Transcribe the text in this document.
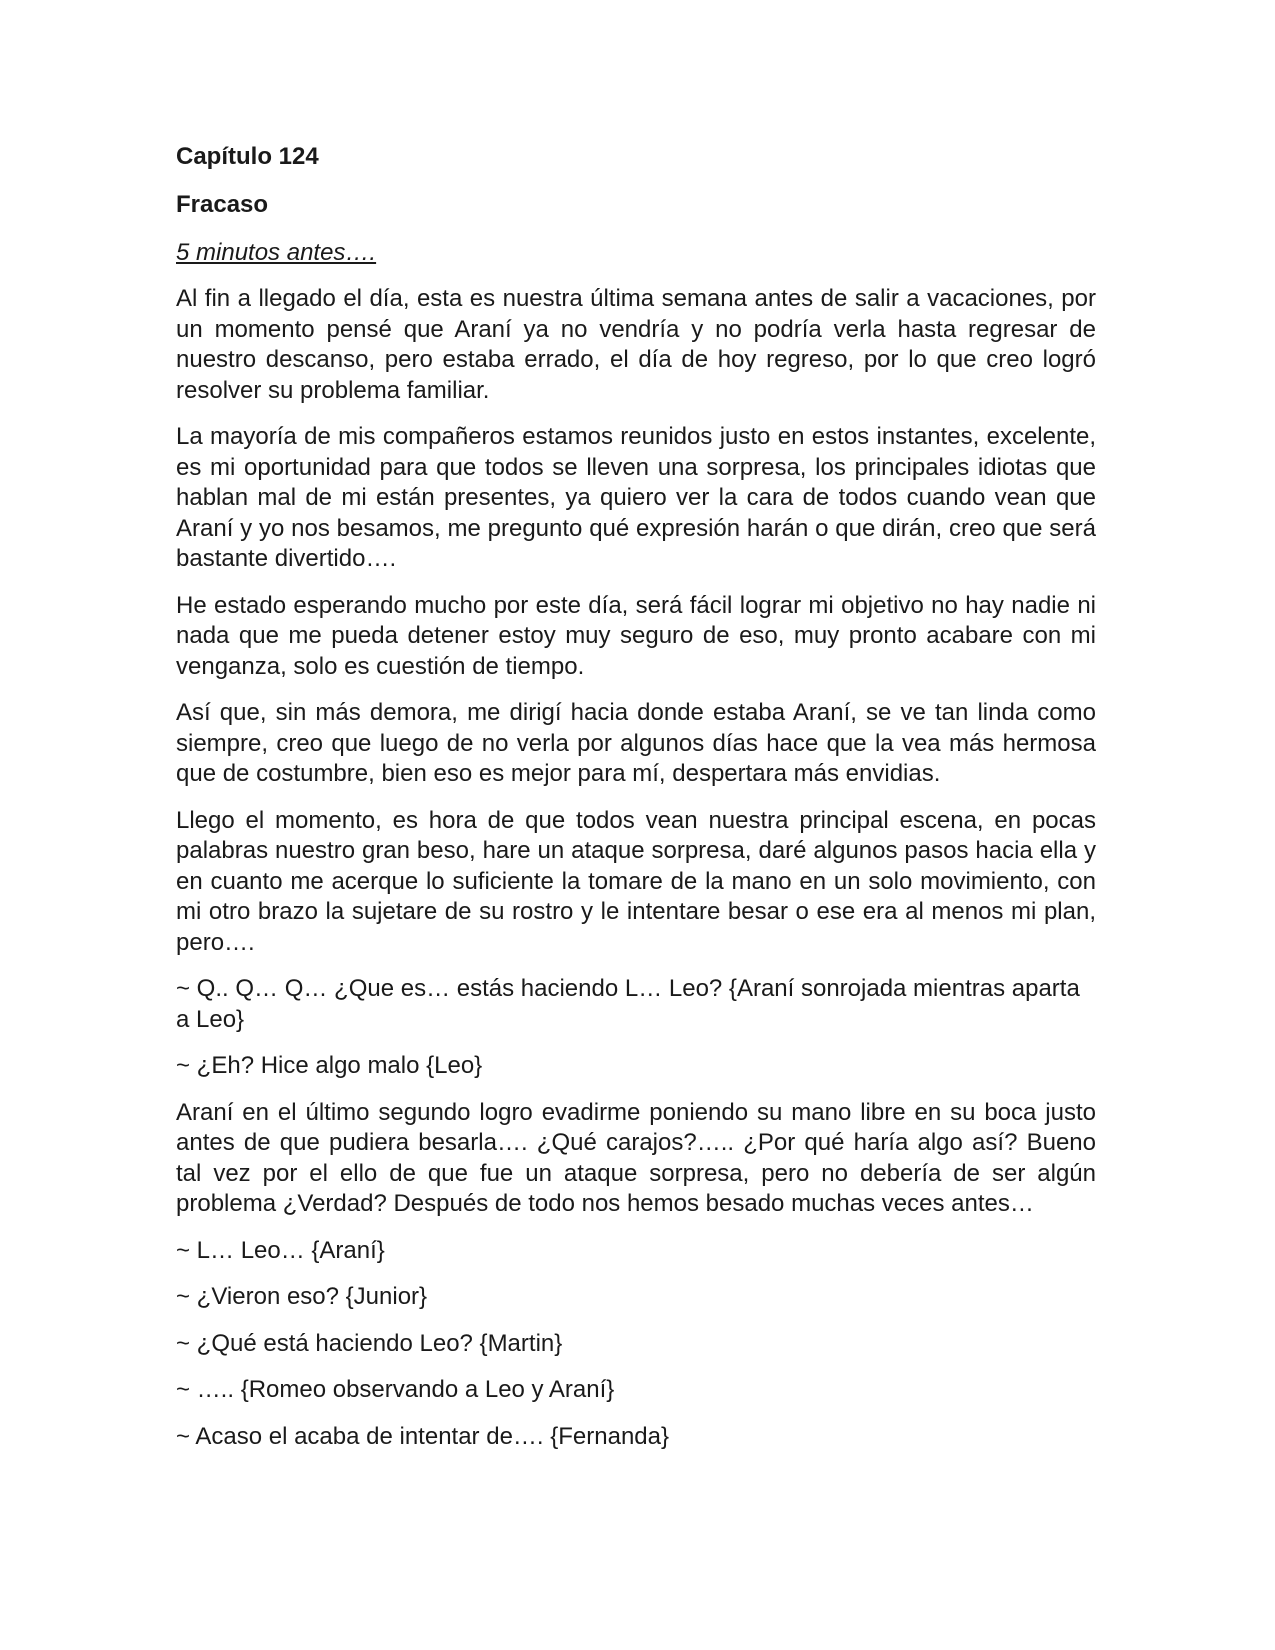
Capítulo 124
Fracaso
5 minutos antes….

Al fin a llegado el día, esta es nuestra última semana antes de salir a vacaciones, por un momento pensé que Araní ya no vendría y no podría verla hasta regresar de nuestro descanso, pero estaba errado, el día de hoy regreso, por lo que creo logró resolver su problema familiar.

La mayoría de mis compañeros estamos reunidos justo en estos instantes, excelente, es mi oportunidad para que todos se lleven una sorpresa, los principales idiotas que hablan mal de mi están presentes, ya quiero ver la cara de todos cuando vean que Araní y yo nos besamos, me pregunto qué expresión harán o que dirán, creo que será bastante divertido….

He estado esperando mucho por este día, será fácil lograr mi objetivo no hay nadie ni nada que me pueda detener estoy muy seguro de eso, muy pronto acabare con mi venganza, solo es cuestión de tiempo.

Así que, sin más demora, me dirigí hacia donde estaba Araní, se ve tan linda como siempre, creo que luego de no verla por algunos días hace que la vea más hermosa que de costumbre, bien eso es mejor para mí, despertara más envidias.

Llego el momento, es hora de que todos vean nuestra principal escena, en pocas palabras nuestro gran beso, hare un ataque sorpresa, daré algunos pasos hacia ella y en cuanto me acerque lo suficiente la tomare de la mano en un solo movimiento, con mi otro brazo la sujetare de su rostro y le intentare besar o ese era al menos mi plan, pero….

~ Q.. Q… Q… ¿Que es… estás haciendo L… Leo? {Araní sonrojada mientras aparta a Leo}

~ ¿Eh? Hice algo malo {Leo}

Araní en el último segundo logro evadirme poniendo su mano libre en su boca justo antes de que pudiera besarla…. ¿Qué carajos?….. ¿Por qué haría algo así? Bueno tal vez por el ello de que fue un ataque sorpresa, pero no debería de ser algún problema ¿Verdad? Después de todo nos hemos besado muchas veces antes…

~ L… Leo… {Araní}

~ ¿Vieron eso? {Junior}

~ ¿Qué está haciendo Leo? {Martin}

~ ….. {Romeo observando a Leo y Araní}

~ Acaso el acaba de intentar de…. {Fernanda}
